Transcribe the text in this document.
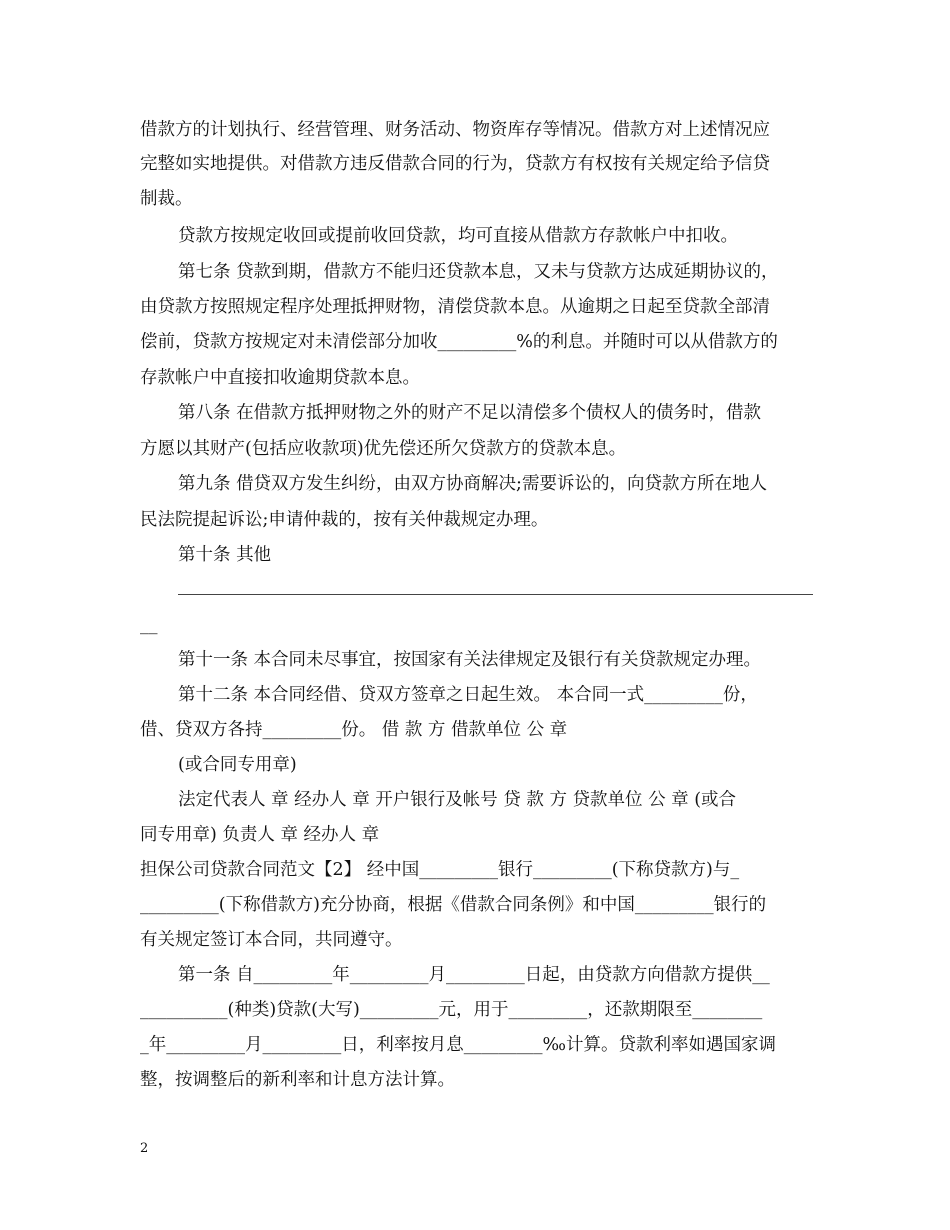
借款方的计划执行、经营管理、财务活动、物资库存等情况。借款方对上述情况应
完整如实地提供。对借款方违反借款合同的行为，贷款方有权按有关规定给予信贷
制裁。
贷款方按规定收回或提前收回贷款，均可直接从借款方存款帐户中扣收。
第七条 贷款到期，借款方不能归还贷款本息，又未与贷款方达成延期协议的，
由贷款方按照规定程序处理抵押财物，清偿贷款本息。从逾期之日起至贷款全部清
偿前，贷款方按规定对未清偿部分加收_________%的利息。并随时可以从借款方的
存款帐户中直接扣收逾期贷款本息。
第八条 在借款方抵押财物之外的财产不足以清偿多个债权人的债务时，借款
方愿以其财产(包括应收款项)优先偿还所欠贷款方的贷款本息。
第九条 借贷双方发生纠纷，由双方协商解决;需要诉讼的，向贷款方所在地人
民法院提起诉讼;申请仲裁的，按有关仲裁规定办理。
第十条 其他
__
第十一条 本合同未尽事宜，按国家有关法律规定及银行有关贷款规定办理。
第十二条 本合同经借、贷双方签章之日起生效。 本合同一式_________份，
借、贷双方各持_________份。 借 款 方 借款单位 公 章
(或合同专用章)
法定代表人 章 经办人 章 开户银行及帐号 贷 款 方 贷款单位 公 章 (或合
同专用章) 负责人 章 经办人 章
担保公司贷款合同范文【2】 经中国_________银行_________(下称贷款方)与_
_________(下称借款方)充分协商，根据《借款合同条例》和中国_________银行的
有关规定签订本合同，共同遵守。
第一条 自_________年_________月_________日起，由贷款方向借款方提供__
__________(种类)贷款(大写)_________元，用于_________，还款期限至________
_年_________月_________日，利率按月息_________‰计算。贷款利率如遇国家调
整，按调整后的新利率和计息方法计算。
2
